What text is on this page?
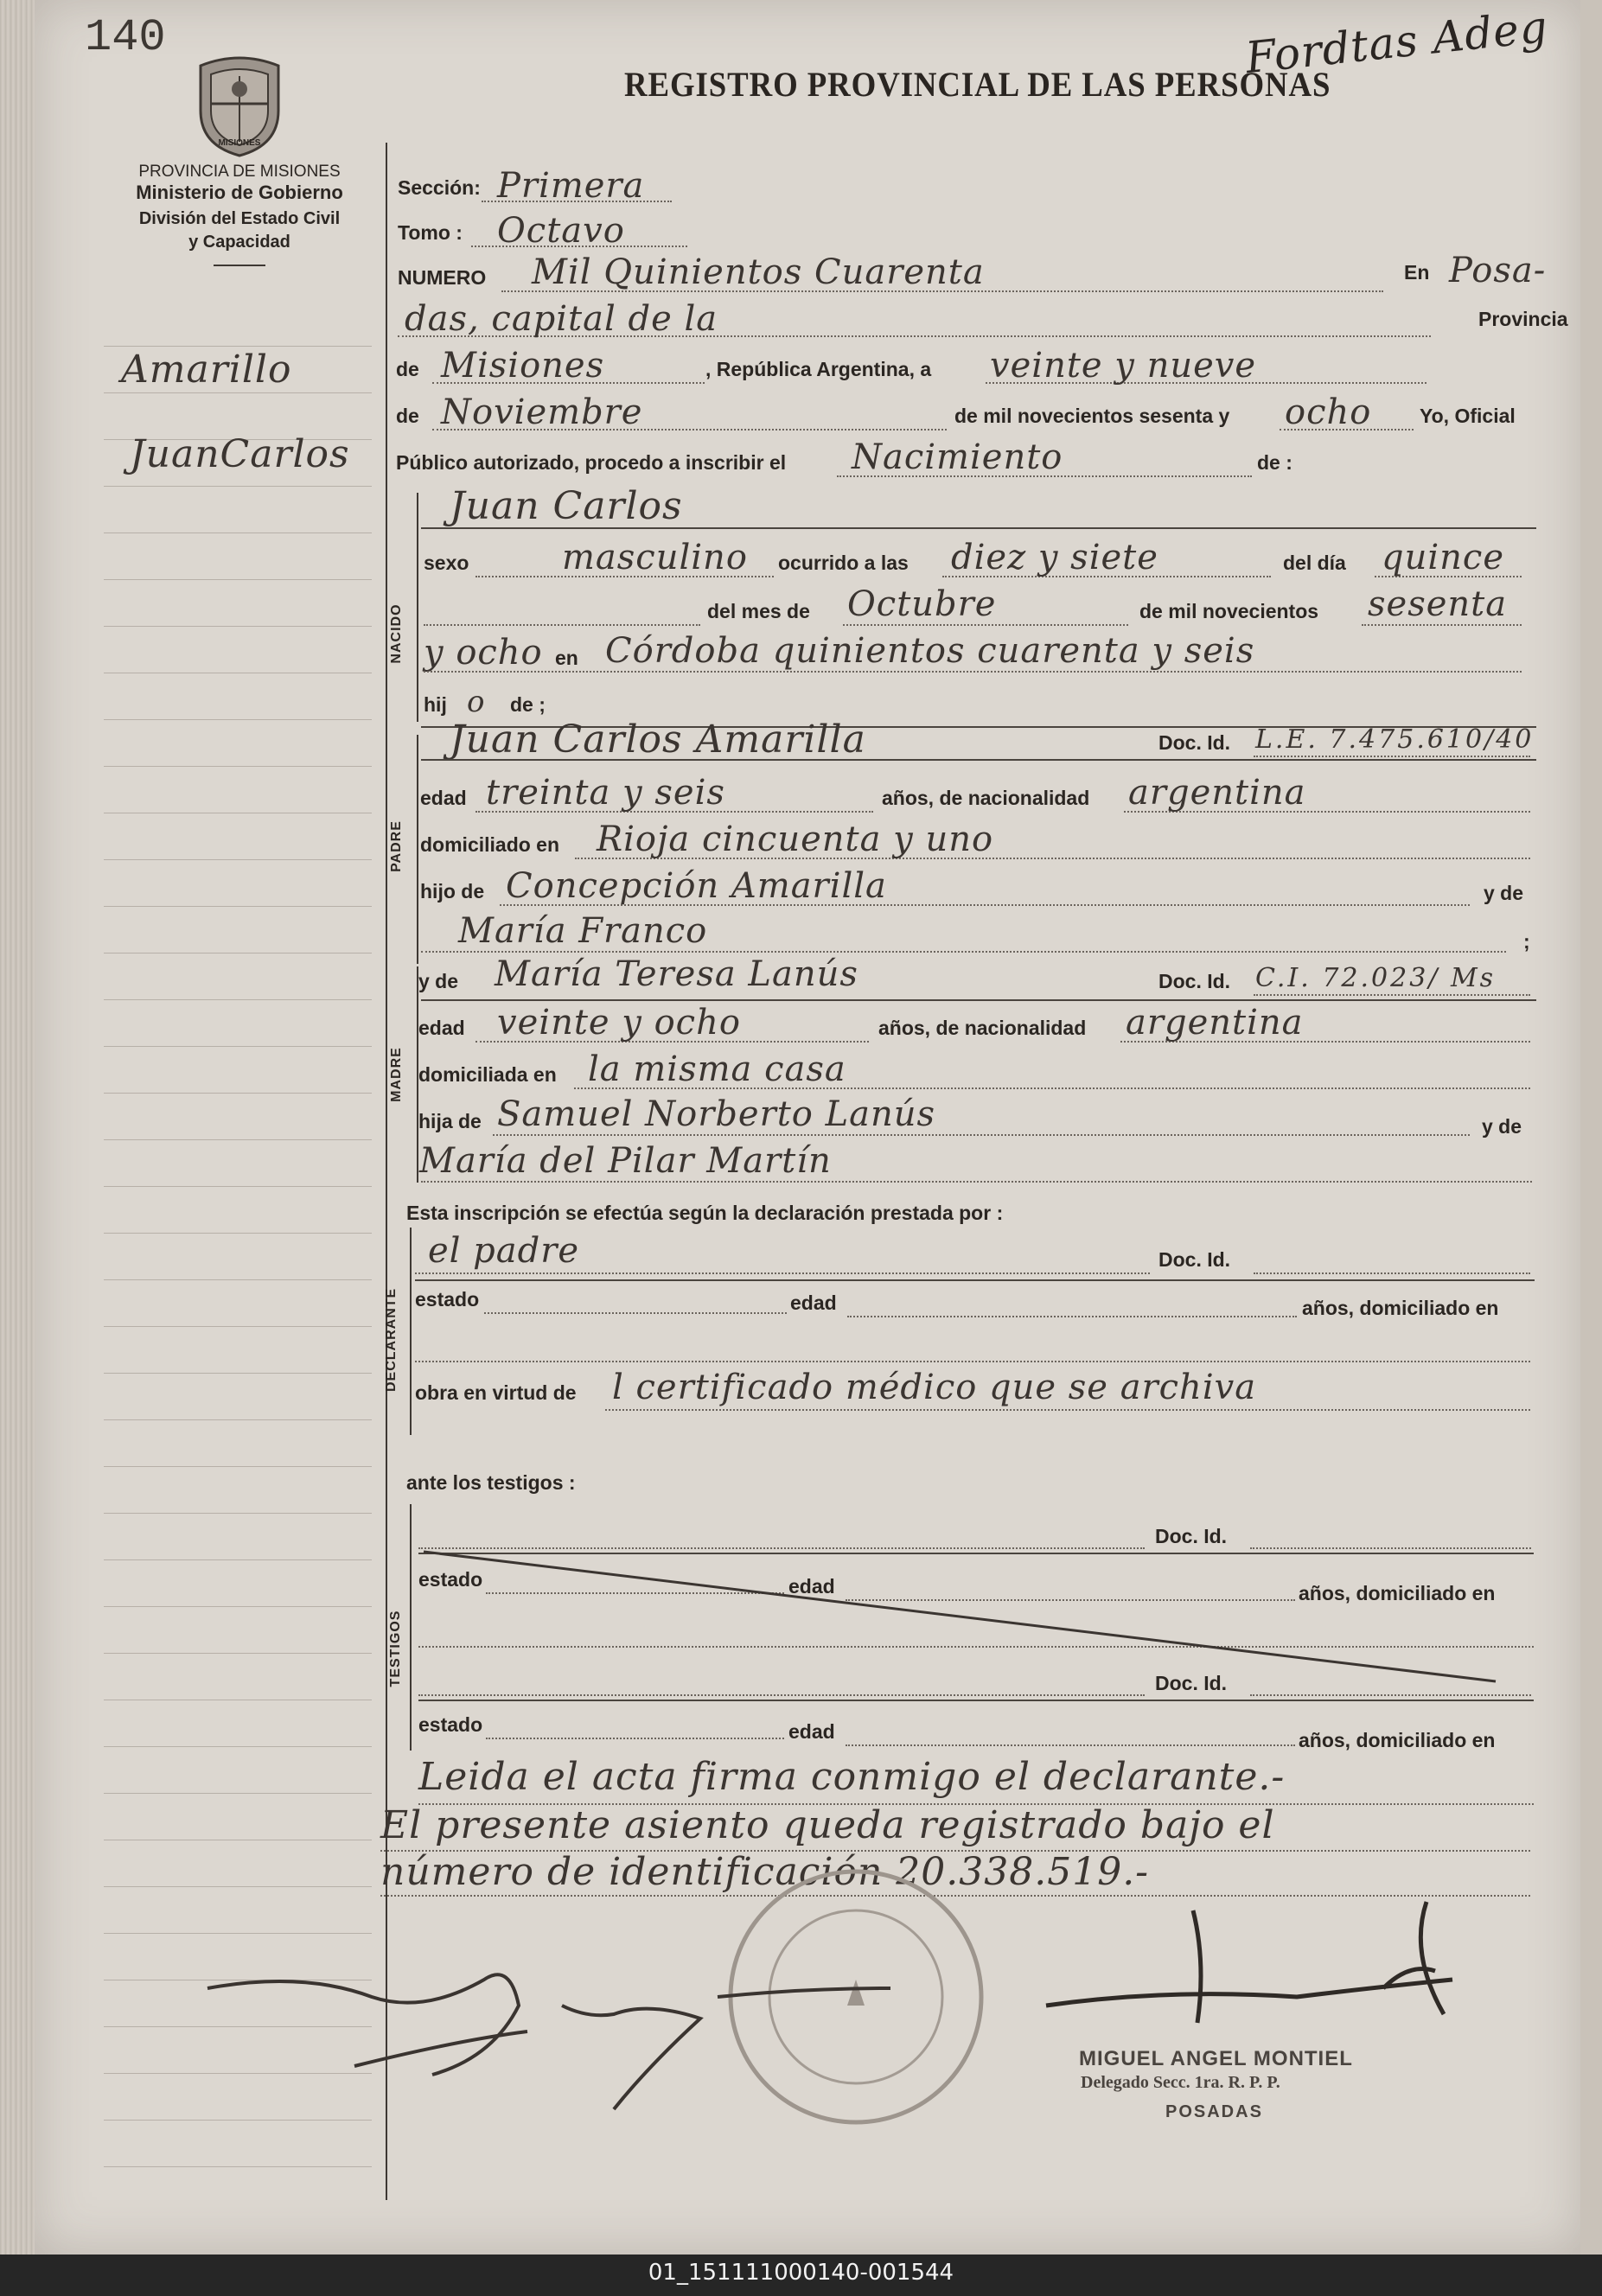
140	Fordtas Adeg
MISIONES
REGISTRO PROVINCIAL DE LAS PERSONAS
PROVINCIA DE MISIONES
Ministerio de Gobierno
División del Estado Civil
y Capacidad
Amarillo
JuanCarlos
Sección: Primera
Tomo : Octavo
NUMERO Mil Quinientos Cuarenta	En Posa-
das, capital de la	Provincia
de Misiones	, República Argentina, a veinte y nueve
de Noviembre	de mil novecientos sesenta y ocho Yo, Oficial
Público autorizado, procedo a inscribir el Nacimiento	de :
Juan Carlos
NACIDO
sexo	masculino ocurrido a las diez y siete	del día quince
del mes de Octubre	de mil novecientos sesenta
y ocho en Córdoba quinientos cuarenta y seis
hij o de ;
PADRE
Juan Carlos Amarilla	Doc. Id. L.E. 7.475.610/40
edad treinta y seis	años, de nacionalidad argentina
domiciliado en Rioja cincuenta y uno
hijo de Concepción Amarilla	y de
María Franco	;
MADRE
y de María Teresa Lanús	Doc. Id. C.I. 72.023/ Ms
edad veinte y ocho	años, de nacionalidad argentina
domiciliada en la misma casa
hija de Samuel Norberto Lanús	y de
María del Pilar Martín
Esta inscripción se efectúa según la declaración prestada por :
DECLARANTE
el padre	Doc. Id.
estado	edad	años, domiciliado en
obra en virtud de l certificado médico que se archiva
ante los testigos :
TESTIGOS
Doc. Id.
estado	edad	años, domiciliado en
Doc. Id.
estado	edad	años, domiciliado en
Leida el acta firma conmigo el declarante.-
El presente asiento queda registrado bajo el
número de identificación 20.338.519.-
MIGUEL ANGEL MONTIEL
Delegado Secc. 1ra. R. P. P.
POSADAS
01_151111000140-001544
